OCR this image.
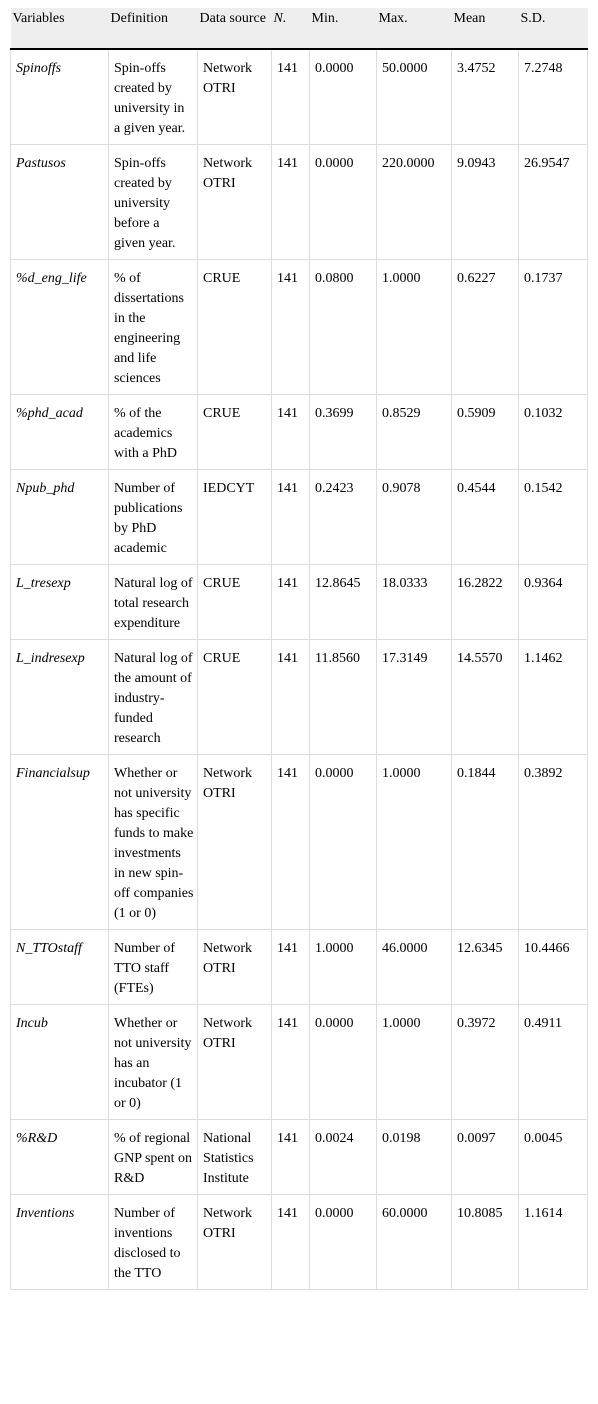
Variables	Definition	Data source	N.	Min.	Max.	Mean	S.D.
Spinoffs	Spin-offs created by university in a given year.	Network OTRI	141	0.0000	50.0000	3.4752	7.2748
Pastusos	Spin-offs created by university before a given year.	Network OTRI	141	0.0000	220.0000	9.0943	26.9547
%d_eng_life	% of dissertations in the engineering and life sciences	CRUE	141	0.0800	1.0000	0.6227	0.1737
%phd_acad	% of the academics with a PhD	CRUE	141	0.3699	0.8529	0.5909	0.1032
Npub_phd	Number of publications by PhD academic	IEDCYT	141	0.2423	0.9078	0.4544	0.1542
L_tresexp	Natural log of total research expenditure	CRUE	141	12.8645	18.0333	16.2822	0.9364
L_indresexp	Natural log of the amount of industry-funded research	CRUE	141	11.8560	17.3149	14.5570	1.1462
Financialsup	Whether or not university has specific funds to make investments in new spin-off companies (1 or 0)	Network OTRI	141	0.0000	1.0000	0.1844	0.3892
N_TTOstaff	Number of TTO staff (FTEs)	Network OTRI	141	1.0000	46.0000	12.6345	10.4466
Incub	Whether or not university has an incubator (1 or 0)	Network OTRI	141	0.0000	1.0000	0.3972	0.4911
%R&D	% of regional GNP spent on R&D	National Statistics Institute	141	0.0024	0.0198	0.0097	0.0045
Inventions	Number of inventions disclosed to the TTO	Network OTRI	141	0.0000	60.0000	10.8085	1.1614
